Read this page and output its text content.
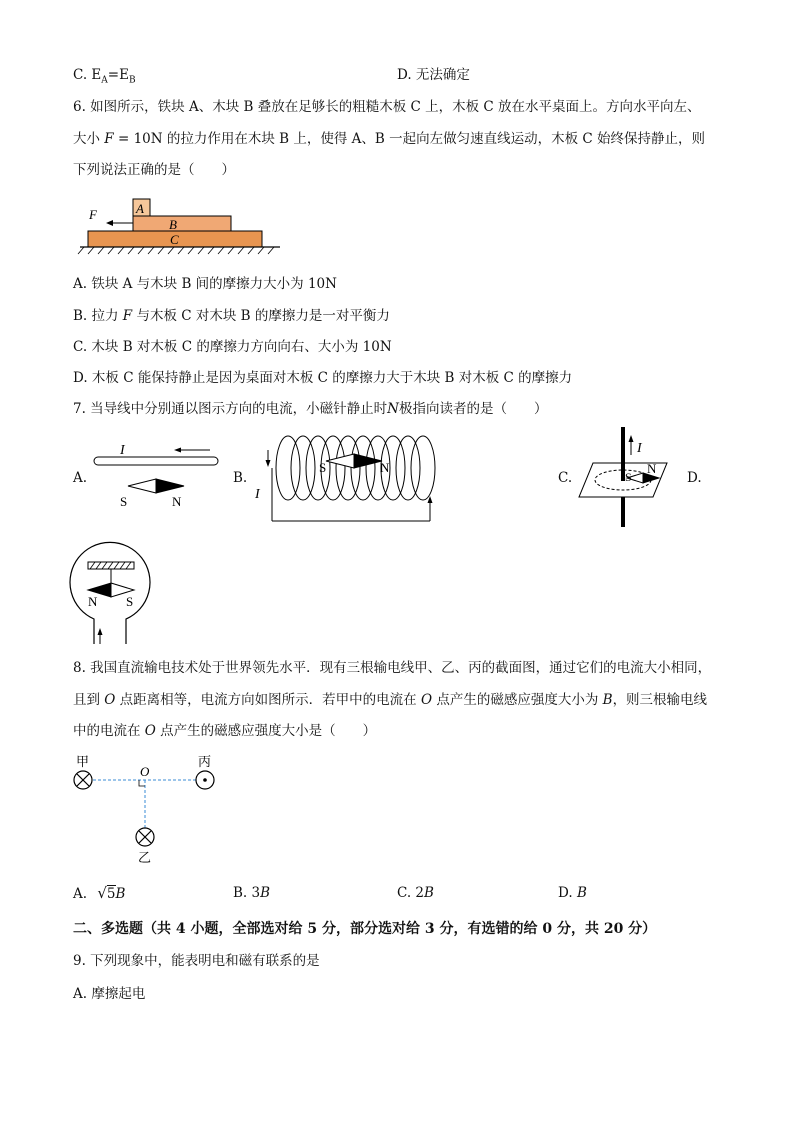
C. $E_A=E_B$	D. 无法确定
6. 如图所示，铁块 A、木块 B 叠放在足够长的粗糙木板 C 上，木板 C 放在水平桌面上。方向水平向左、
大小 F = 10N 的拉力作用在木块 B 上，使得 A、B 一起向左做匀速直线运动，木板 C 始终保持静止，则
下列说法正确的是（　　）
F	A
B
C
A. 铁块 A 与木块 B 间的摩擦力大小为 10N
B. 拉力 F 与木板 C 对木块 B 的摩擦力是一对平衡力
C. 木块 B 对木板 C 的摩擦力方向向右、大小为 10N
D. 木板 C 能保持静止是因为桌面对木板 C 的摩擦力大于木块 B 对木板 C 的摩擦力
7. 当导线中分别通以图示方向的电流，小磁针静止时N极指向读者的是（　　）
A.	B.	C.	D.
I
S	N	I
S	N
I
S
N
N S
8. 我国直流输电技术处于世界领先水平．现有三根输电线甲、乙、丙的截面图，通过它们的电流大小相同，
且到 O 点距离相等，电流方向如图所示．若甲中的电流在 O 点产生的磁感应强度大小为 B，则三根输电线
中的电流在 O 点产生的磁感应强度大小是（　　）
甲	丙
O
乙
A. √5B	B. 3B	C. 2B	D. B
二、多选题（共 4 小题，全部选对给 5 分，部分选对给 3 分，有选错的给 0 分，共 20 分）
9. 下列现象中，能表明电和磁有联系的是
A. 摩擦起电
